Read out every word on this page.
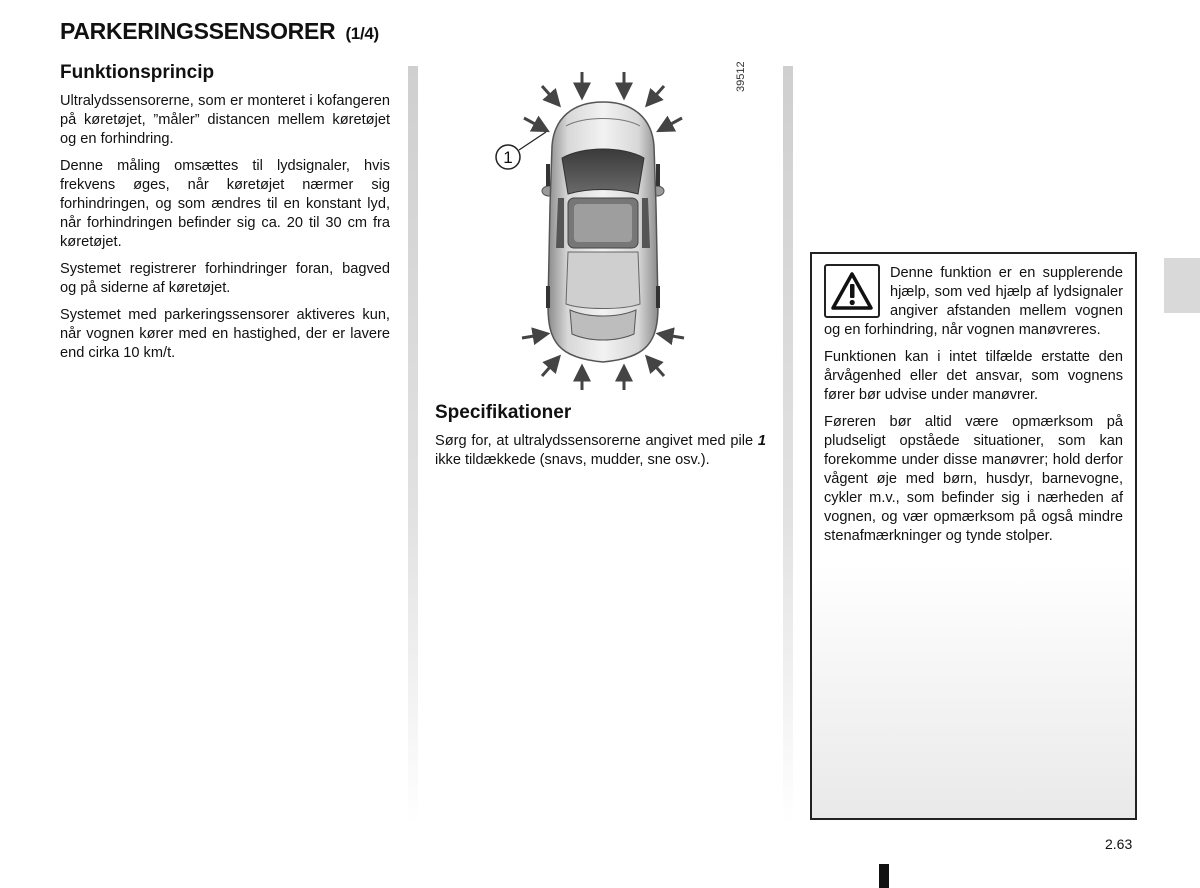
PARKERINGSSENSORER (1/4)
Funktionsprincip

Ultralydssensorerne, som er monteret i kofangeren på køretøjet, ”måler” distancen mellem køretøjet og en forhindring.

Denne måling omsættes til lydsignaler, hvis frekvens øges, når køretøjet nærmer sig forhindringen, og som ændres til en konstant lyd, når forhindringen befinder sig ca. 20 til 30 cm fra køretøjet.

Systemet registrerer forhindringer foran, bagved og på siderne af køretøjet.

Systemet med parkeringssensorer aktiveres kun, når vognen kører med en hastighed, der er lavere end cirka 10 km/t.

1
39512
Specifikationer

Sørg for, at ultralydssensorerne angivet med pile 1 ikke tildækkede (snavs, mudder, sne osv.).

Denne funktion er en supplerende hjælp, som ved hjælp af lydsignaler angiver afstanden mellem vognen og en forhindring, når vognen manøvreres.

Funktionen kan i intet tilfælde erstatte den årvågenhed eller det ansvar, som vognens fører bør udvise under manøvrer.

Føreren bør altid være opmærksom på pludseligt opståede situationer, som kan forekomme under disse manøvrer; hold derfor vågent øje med børn, husdyr, barnevogne, cykler m.v., som befinder sig i nærheden af vognen, og vær opmærksom på også mindre stenafmærkninger og tynde stolper.

2.63
